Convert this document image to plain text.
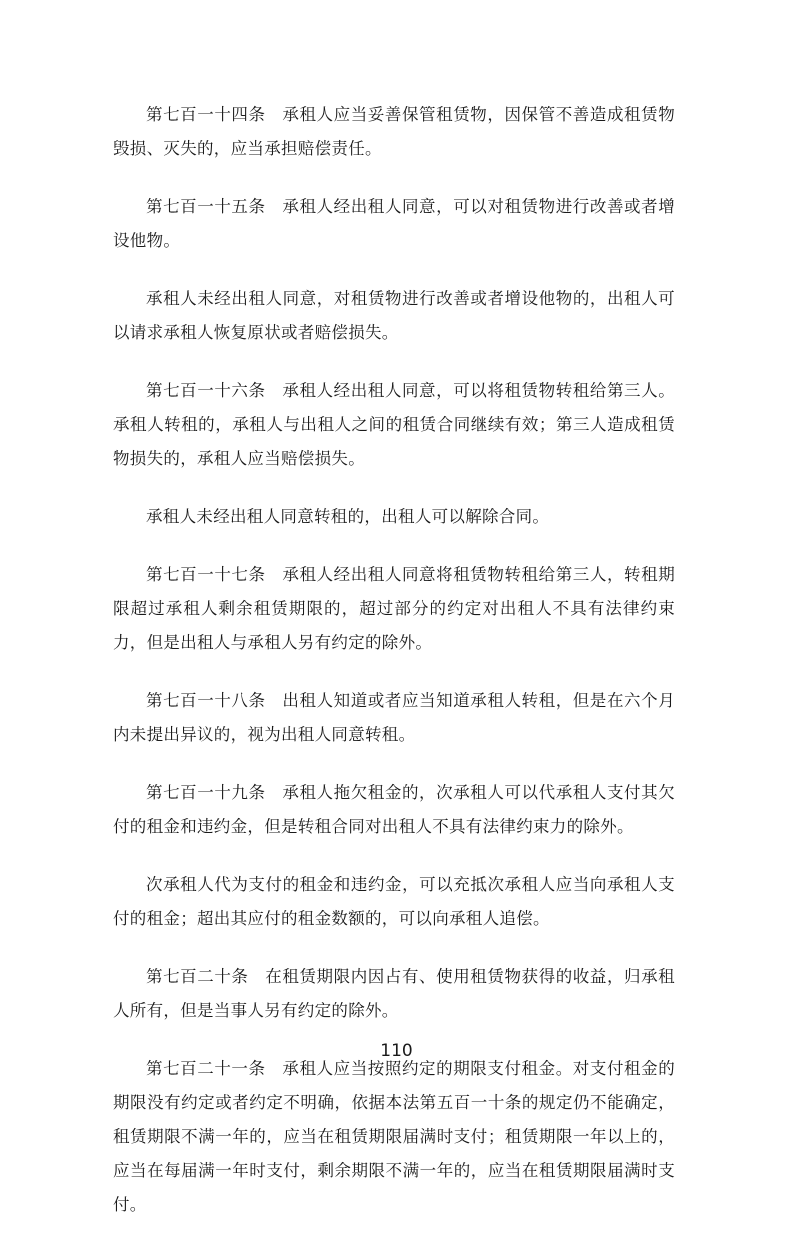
第七百一十四条 承租人应当妥善保管租赁物，因保管不善造成租赁物毁损、灭失的，应当承担赔偿责任。

第七百一十五条 承租人经出租人同意，可以对租赁物进行改善或者增设他物。

承租人未经出租人同意，对租赁物进行改善或者增设他物的，出租人可以请求承租人恢复原状或者赔偿损失。

第七百一十六条 承租人经出租人同意，可以将租赁物转租给第三人。承租人转租的，承租人与出租人之间的租赁合同继续有效；第三人造成租赁物损失的，承租人应当赔偿损失。

承租人未经出租人同意转租的，出租人可以解除合同。

第七百一十七条 承租人经出租人同意将租赁物转租给第三人，转租期限超过承租人剩余租赁期限的，超过部分的约定对出租人不具有法律约束力，但是出租人与承租人另有约定的除外。

第七百一十八条 出租人知道或者应当知道承租人转租，但是在六个月内未提出异议的，视为出租人同意转租。

第七百一十九条 承租人拖欠租金的，次承租人可以代承租人支付其欠付的租金和违约金，但是转租合同对出租人不具有法律约束力的除外。

次承租人代为支付的租金和违约金，可以充抵次承租人应当向承租人支付的租金；超出其应付的租金数额的，可以向承租人追偿。

第七百二十条 在租赁期限内因占有、使用租赁物获得的收益，归承租人所有，但是当事人另有约定的除外。

第七百二十一条 承租人应当按照约定的期限支付租金。对支付租金的期限没有约定或者约定不明确，依据本法第五百一十条的规定仍不能确定，租赁期限不满一年的，应当在租赁期限届满时支付；租赁期限一年以上的，应当在每届满一年时支付，剩余期限不满一年的，应当在租赁期限届满时支付。

110
